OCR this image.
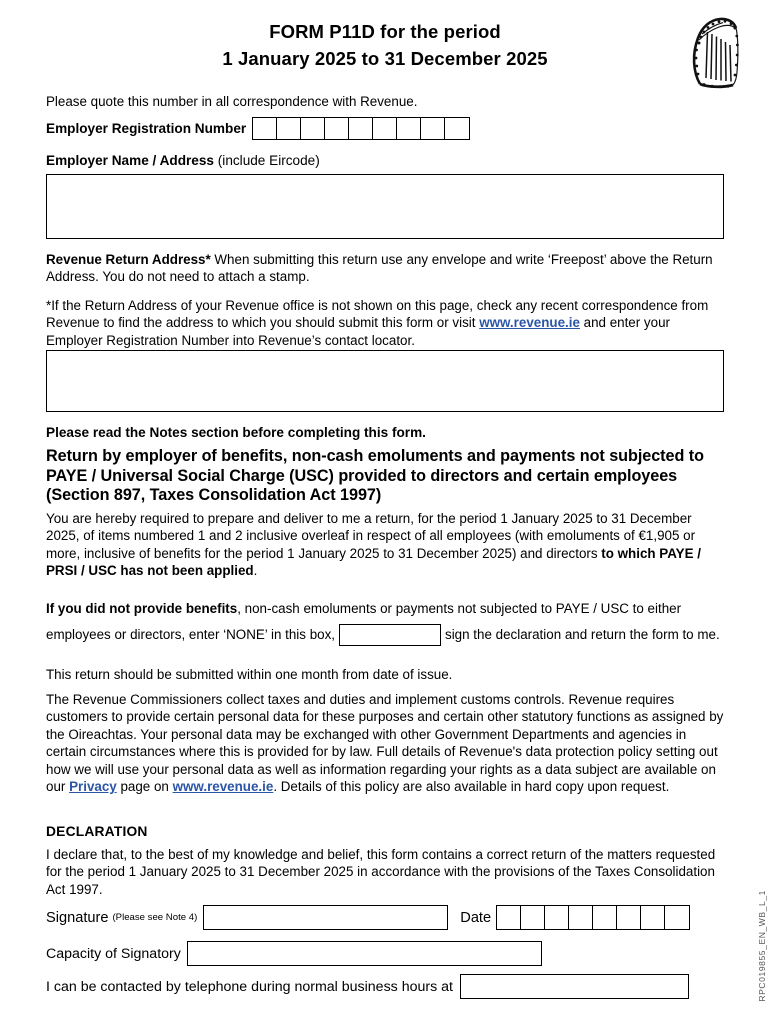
FORM P11D for the period
1 January 2025 to 31 December 2025
Please quote this number in all correspondence with Revenue.
Employer Registration Number
Employer Name / Address (include Eircode)

Revenue Return Address* When submitting this return use any envelope and write ‘Freepost’ above the Return Address. You do not need to attach a stamp.

*If the Return Address of your Revenue office is not shown on this page, check any recent correspondence from Revenue to find the address to which you should submit this form or visit www.revenue.ie and enter your Employer Registration Number into Revenue’s contact locator.

Please read the Notes section before completing this form.
Return by employer of benefits, non-cash emoluments and payments not subjected to PAYE / Universal Social Charge (USC) provided to directors and certain employees (Section 897, Taxes Consolidation Act 1997)

You are hereby required to prepare and deliver to me a return, for the period 1 January 2025 to 31 December 2025, of items numbered 1 and 2 inclusive overleaf in respect of all employees (with emoluments of €1,905 or more, inclusive of benefits for the period 1 January 2025 to 31 December 2025) and directors to which PAYE / PRSI / USC has not been applied.

If you did not provide benefits, non-cash emoluments or payments not subjected to PAYE / USC to either employees or directors, enter ‘NONE’ in this box,	sign the declaration and return the form to me.

This return should be submitted within one month from date of issue.

The Revenue Commissioners collect taxes and duties and implement customs controls. Revenue requires customers to provide certain personal data for these purposes and certain other statutory functions as assigned by the Oireachtas. Your personal data may be exchanged with other Government Departments and agencies in certain circumstances where this is provided for by law. Full details of Revenue's data protection policy setting out how we will use your personal data as well as information regarding your rights as a data subject are available on our Privacy page on www.revenue.ie. Details of this policy are also available in hard copy upon request.

DECLARATION

I declare that, to the best of my knowledge and belief, this form contains a correct return of the matters requested for the period 1 January 2025 to 31 December 2025 in accordance with the provisions of the Taxes Consolidation Act 1997.

Signature (Please see Note 4)	Date
Capacity of Signatory
I can be contacted by telephone during normal business hours at	RPC019855_EN_WB_L_1
